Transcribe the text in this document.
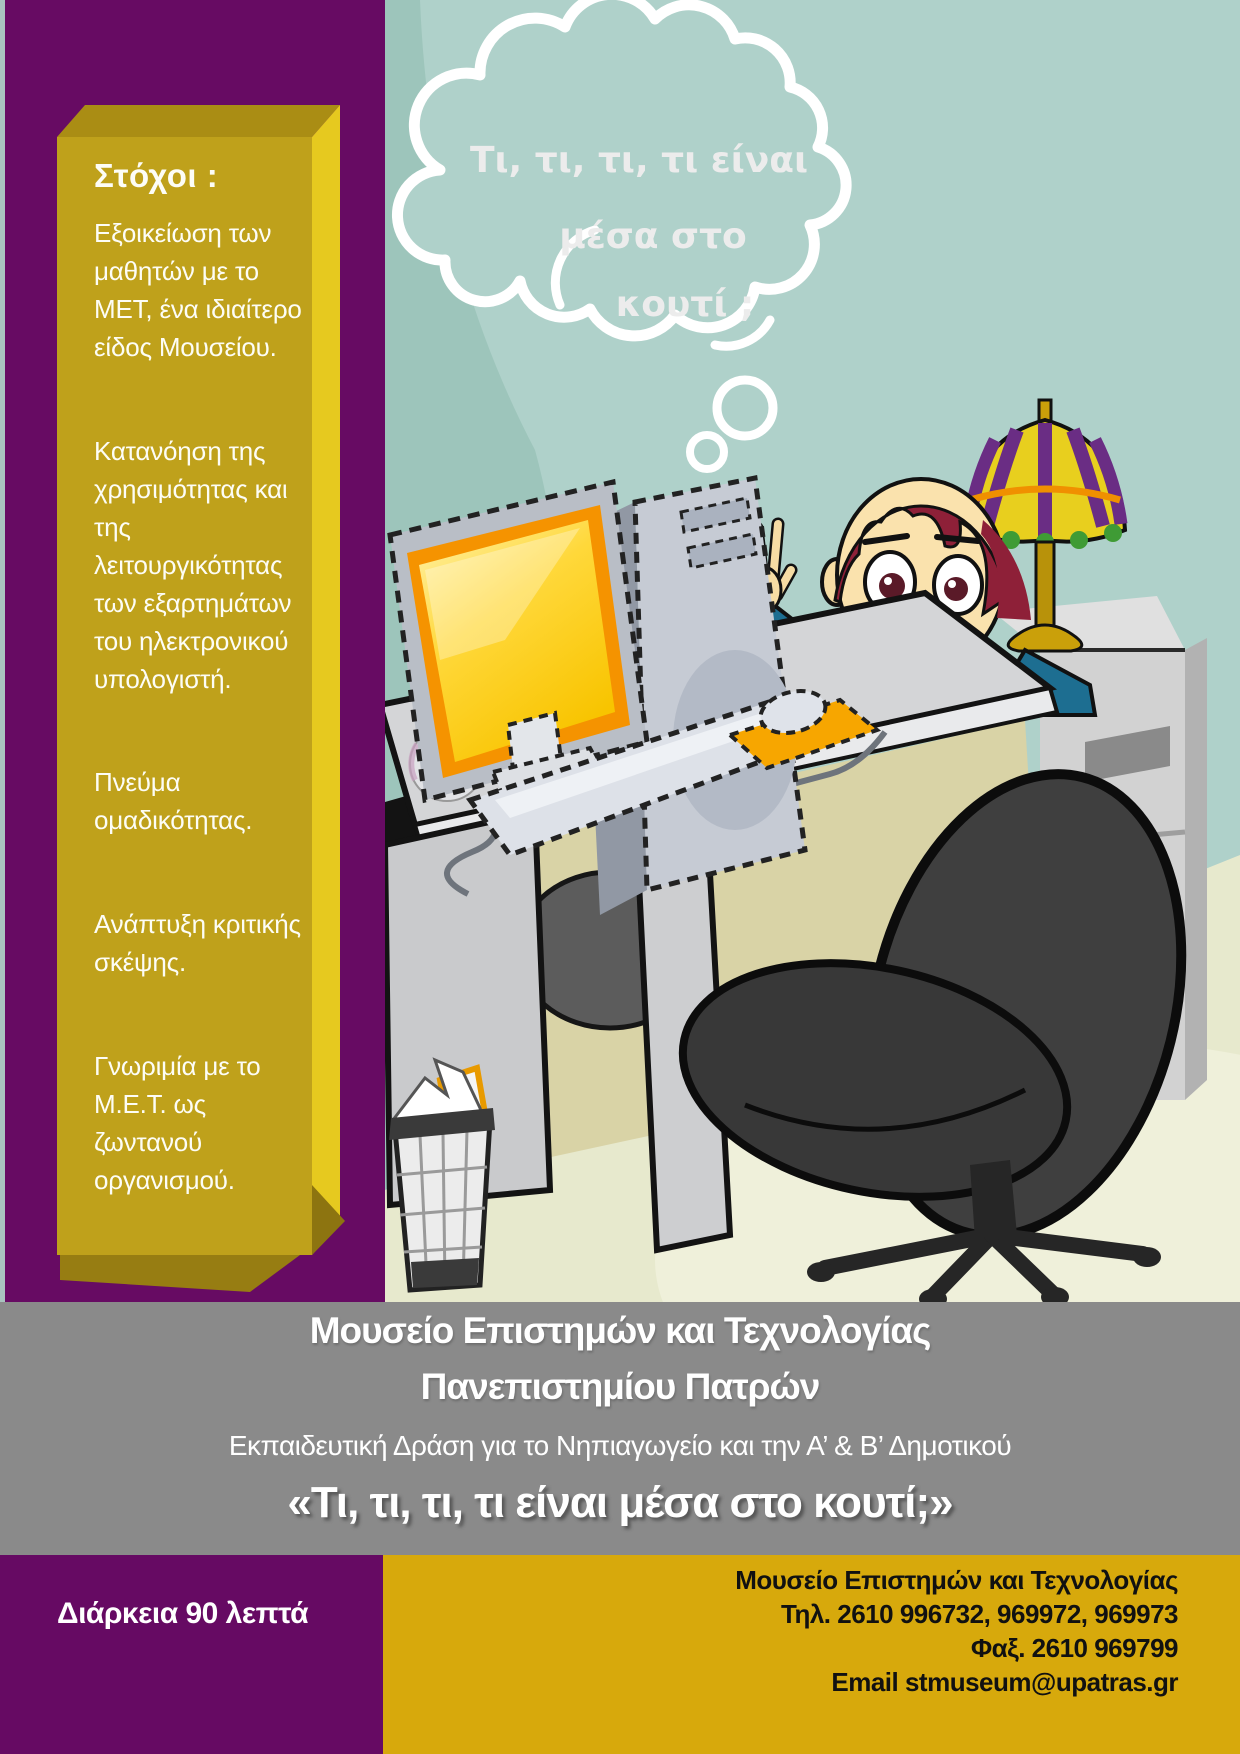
Στόχοι :
Εξοικείωση των μαθητών με το ΜΕΤ, ένα ιδιαίτερο είδος Μουσείου.
Κατανόηση της χρησιμότητας και της λειτουργικότητας των εξαρτημάτων του ηλεκτρονικού υπολογιστή.
Πνεύμα ομαδικότητας.
Ανάπτυξη κριτικής σκέψης.
Γνωριμία με το Μ.Ε.Τ. ως ζωντανού οργανισμού.
Τι, τι, τι, τι είναι
μέσα στο
κουτί ;
Μουσείο Επιστημών και Τεχνολογίας
Πανεπιστημίου Πατρών
Εκπαιδευτική Δράση για το Νηπιαγωγείο και την Α’ & Β’ Δημοτικού
«Τι, τι, τι, τι είναι μέσα στο κουτί;»
Διάρκεια 90 λεπτά
Μουσείο Επιστημών και Τεχνολογίας
Τηλ. 2610 996732, 969972, 969973
Φαξ. 2610 969799
Email stmuseum@upatras.gr
